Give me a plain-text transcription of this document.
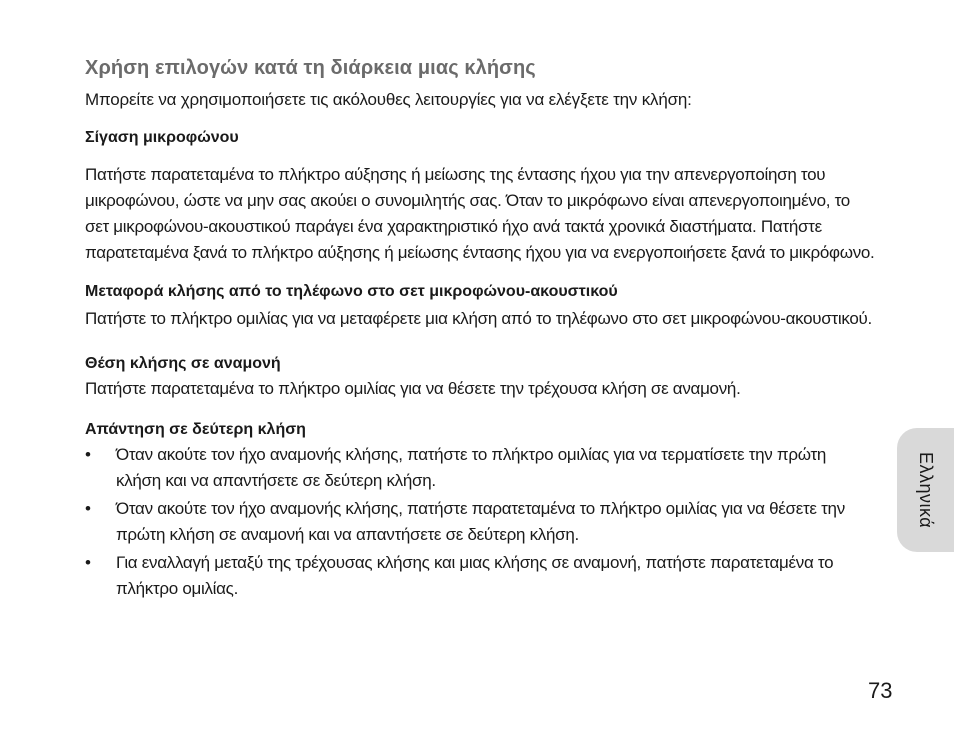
Χρήση επιλογών κατά τη διάρκεια μιας κλήσης

Μπορείτε να χρησιμοποιήσετε τις ακόλουθες λειτουργίες για να ελέγξετε την κλήση:

Σίγαση μικροφώνου

Πατήστε παρατεταμένα το πλήκτρο αύξησης ή μείωσης της έντασης ήχου για την απενεργοποίηση του μικροφώνου, ώστε να μην σας ακούει ο συνομιλητής σας. Όταν το μικρόφωνο είναι απενεργοποιημένο, το σετ μικροφώνου-ακουστικού παράγει ένα χαρακτηριστικό ήχο ανά τακτά χρονικά διαστήματα. Πατήστε παρατεταμένα ξανά το πλήκτρο αύξησης ή μείωσης έντασης ήχου για να ενεργοποιήσετε ξανά το μικρόφωνο.

Μεταφορά κλήσης από το τηλέφωνο στο σετ μικροφώνου-ακουστικού

Πατήστε το πλήκτρο ομιλίας για να μεταφέρετε μια κλήση από το τηλέφωνο στο σετ μικροφώνου-ακουστικού.

Θέση κλήσης σε αναμονή

Πατήστε παρατεταμένα το πλήκτρο ομιλίας για να θέσετε την τρέχουσα κλήση σε αναμονή.

Απάντηση σε δεύτερη κλήση
• Όταν ακούτε τον ήχο αναμονής κλήσης, πατήστε το πλήκτρο ομιλίας για να τερματίσετε την πρώτη κλήση και να απαντήσετε σε δεύτερη κλήση.
• Όταν ακούτε τον ήχο αναμονής κλήσης, πατήστε παρατεταμένα το πλήκτρο ομιλίας για να θέσετε την πρώτη κλήση σε αναμονή και να απαντήσετε σε δεύτερη κλήση.
• Για εναλλαγή μεταξύ της τρέχουσας κλήσης και μιας κλήσης σε αναμονή, πατήστε παρατεταμένα το πλήκτρο ομιλίας.
Ελληνικά
73
